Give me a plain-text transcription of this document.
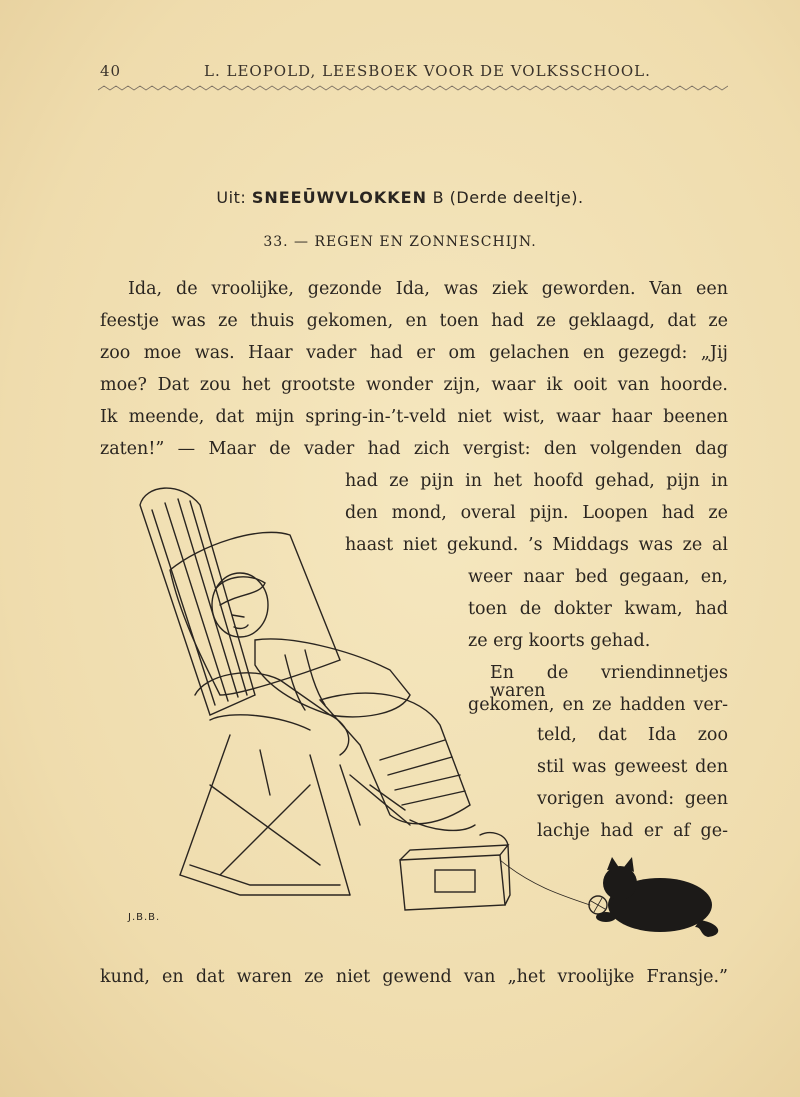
40	L. LEOPOLD, LEESBOEK VOOR DE VOLKSSCHOOL.
Uit: SNEEŪWVLOKKEN B (Derde deeltje).
33. — REGEN EN ZONNESCHIJN.
Ida, de vroolijke, gezonde Ida, was ziek geworden. Van een
feestje was ze thuis gekomen, en toen had ze geklaagd, dat ze
zoo moe was. Haar vader had er om gelachen en gezegd: „Jij
moe? Dat zou het grootste wonder zijn, waar ik ooit van hoorde.
Ik meende, dat mijn spring-in-’t-veld niet wist, waar haar beenen
zaten!” — Maar de vader had zich vergist: den volgenden dag
had ze pijn in het hoofd gehad, pijn in
den mond, overal pijn. Loopen had ze
haast niet gekund. ’s Middags was ze al
weer naar bed gegaan, en,
toen de dokter kwam, had
ze erg koorts gehad.
En de vriendinnetjes waren
gekomen, en ze hadden ver-
teld, dat Ida zoo
stil was geweest den
vorigen avond: geen
lachje had er af ge-
kund, en dat waren ze niet gewend van „het vroolijke Fransje.”
J.B.B.
